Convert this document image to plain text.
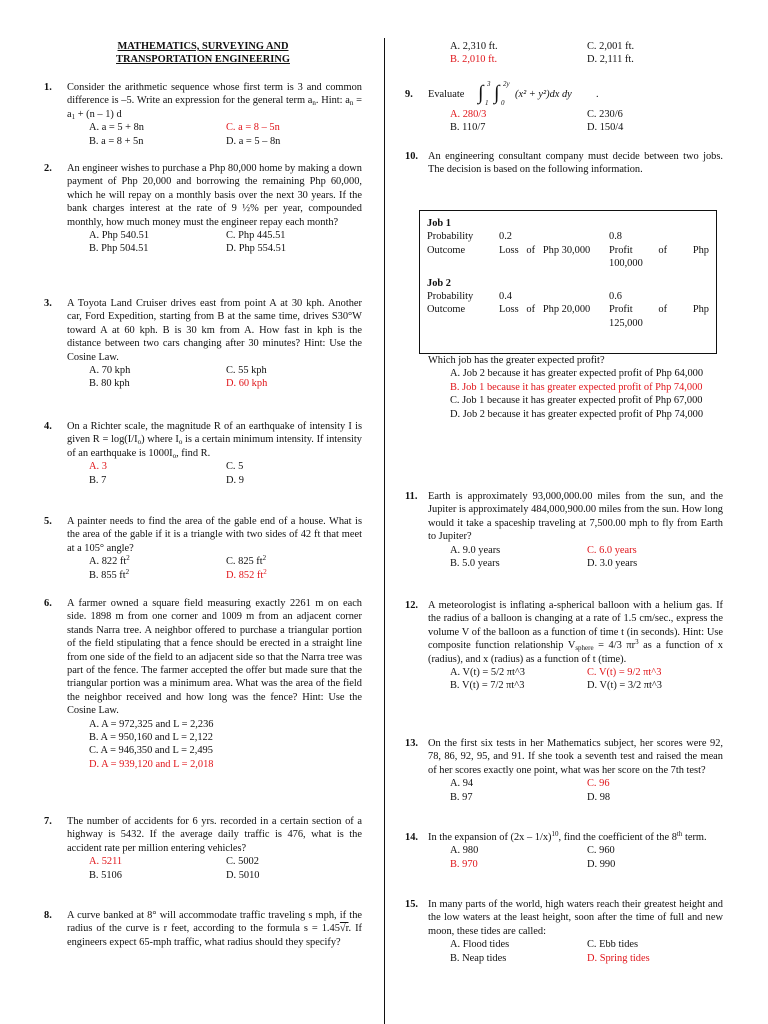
MATHEMATICS, SURVEYING AND
TRANSPORTATION ENGINEERING
1. Consider the arithmetic sequence whose first term is 3 and common difference is –5. Write an expression for the general term $a_n$. Hint: $a_n = a_1 + (n - 1)$ d
A. a = 5 + 8n	C. a = 8 – 5n
B. a = 8 + 5n	D. a = 5 – 8n
2. An engineer wishes to purchase a Php 80,000 home by making a down payment of Php 20,000 and borrowing the remaining Php 60,000, which he will repay on a monthly basis over the next 30 years. If the bank charges interest at the rate of 9 ½% per year, compounded monthly, how much money must the engineer repay each month?
A. Php 540.51	C. Php 445.51
B. Php 504.51	D. Php 554.51
3. A Toyota Land Cruiser drives east from point A at 30 kph. Another car, Ford Expedition, starting from B at the same time, drives S30°W toward A at 60 kph. B is 30 km from A. How fast in kph is the distance between two cars changing after 30 minutes? Hint: Use the Cosine Law.
A. 70 kph	C. 55 kph
B. 80 kph	D. 60 kph
4. On a Richter scale, the magnitude R of an earthquake of intensity I is given $R = \log(I/I_o)$ where $I_o$ is a certain minimum intensity. If intensity of an earthquake is $1000I_o$, find R.
A. 3	C. 5
B. 7	D. 9
5. A painter needs to find the area of the gable end of a house. What is the area of the gable if it is a triangle with two sides of 42 ft that meet at a 105° angle?
A. 822 $ft^2$	C. 825 $ft^2$
B. 855 $ft^2$	D. 852 $ft^2$
6. A farmer owned a square field measuring exactly 2261 m on each side. 1898 m from one corner and 1009 m from an adjacent corner stands Narra tree. A neighbor offered to purchase a triangular portion of the field stipulating that a fence should be erected in a straight line from one side of the field to an adjacent side so that the Narra tree was part of the fence. The farmer accepted the offer but made sure that the triangular portion was a minimum area. What was the area of the field the neighbor received and how long was the fence? Hint: Use the Cosine Law.
A. A = 972,325 and L = 2,236
B. A = 950,160 and L = 2,122
C. A = 946,350 and L = 2,495
D. A = 939,120 and L = 2,018
7. The number of accidents for 6 yrs. recorded in a certain section of a highway is 5432. If the average daily traffic is 476, what is the accident rate per million entering vehicles?
A. 5211	C. 5002
B. 5106	D. 5010
8. A curve banked at 8° will accommodate traffic traveling s mph, if the radius of the curve is r feet, according to the formula s = 1.45√r. If engineers expect 65-mph traffic, what radius should they specify?
A. 2,310 ft.	C. 2,001 ft.
B. 2,010 ft.	D. 2,111 ft.
9. Evaluate ∫ 3
1 ∫ 2y
0
(x² + y²)dx dy .
A. 280/3	C. 230/6
B. 110/7	D. 150/4
10. An engineering consultant company must decide between two jobs. The decision is based on the following information.
Job 1
Probability	0.2	0.8
Outcome	Loss   of   Php 30,000	Profit   of   Php 100,000
Job 2
Probability	0.4	0.6
Outcome	Loss   of   Php 20,000	Profit   of   Php 125,000
Which job has the greater expected profit?
A. Job 2 because it has greater expected profit of Php 64,000
B. Job 1 because it has greater expected profit of Php 74,000
C. Job 1 because it has greater expected profit of Php 67,000
D. Job 2 because it has greater expected profit of Php 74,000
11. Earth is approximately 93,000,000.00 miles from the sun, and the Jupiter is approximately 484,000,900.00 miles from the sun. How long would it take a spaceship traveling at 7,500.00 mph to fly from Earth to Jupiter?
A. 9.0 years	C. 6.0 years
B. 5.0 years	D. 3.0 years
12. A meteorologist is inflating a-spherical balloon with a helium gas. If the radius of a balloon is changing at a rate of 1.5 cm/sec., express the volume V of the balloon as a function of time t (in seconds). Hint: Use composite function relationship $V_{sphere} = 4/3$ $\pi r^3$ as a function of x (radius), and x (radius) as a function of t (time).
A. V(t) = 5/2 πt^3	C. V(t) = 9/2 πt^3
B. V(t) = 7/2 πt^3	D. V(t) = 3/2 πt^3
13. On the first six tests in her Mathematics subject, her scores were 92, 78, 86, 92, 95, and 91. If she took a seventh test and raised the mean of her scores exactly one point, what was her score on the 7th test?
A. 94	C. 96
B. 97	D. 98
14. In the expansion of (2x – 1/x)$^{10}$, find the coefficient of the 8th term.
A. 980	C. 960
B. 970	D. 990
15. In many parts of the world, high waters reach their greatest height and the low waters at the least height, soon after the time of full and new moon, these tides are called:
A. Flood tides	C. Ebb tides
B. Neap tides	D. Spring tides
